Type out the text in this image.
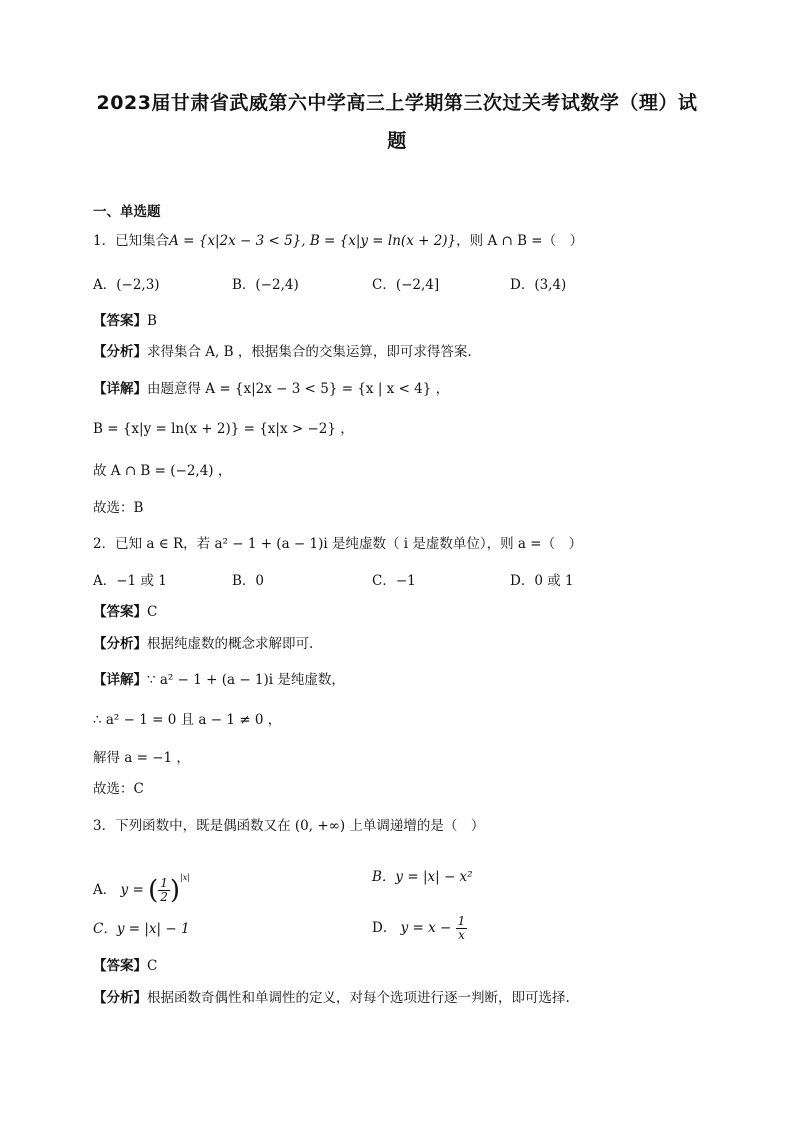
2023届甘肃省武威第六中学高三上学期第三次过关考试数学（理）试
题
一、单选题
1．已知集合A = {x|2x − 3 < 5}, B = {x|y = ln(x + 2)}，则 A ∩ B =（　）
A．(−2,3)	B．(−2,4)	C．(−2,4]	D．(3,4)
【答案】B
【分析】求得集合 A, B ，根据集合的交集运算，即可求得答案.
【详解】由题意得 A = {x|2x − 3 < 5} = {x | x < 4} ，
B = {x|y = ln(x + 2)} = {x|x > −2} ，
故 A ∩ B = (−2,4) ，
故选：B
2．已知 a ∈ R，若 a² − 1 + (a − 1)i 是纯虚数（ i 是虚数单位），则 a =（　）
A．−1 或 1	B．0	C．−1	D．0 或 1
【答案】C
【分析】根据纯虚数的概念求解即可.
【详解】∵ a² − 1 + (a − 1)i 是纯虚数，
∴ a² − 1 = 0 且 a − 1 ≠ 0 ，
解得 a = −1 ，
故选：C
3．下列函数中，既是偶函数又在 (0, +∞) 上单调递增的是（　）
A． y = ( $\frac{1}{2} )^{|x|}$	B．y = |x| − x²
C．y = |x| − 1	D． $y = x - \frac{1}{x}$
【答案】C
【分析】根据函数奇偶性和单调性的定义，对每个选项进行逐一判断，即可选择.
